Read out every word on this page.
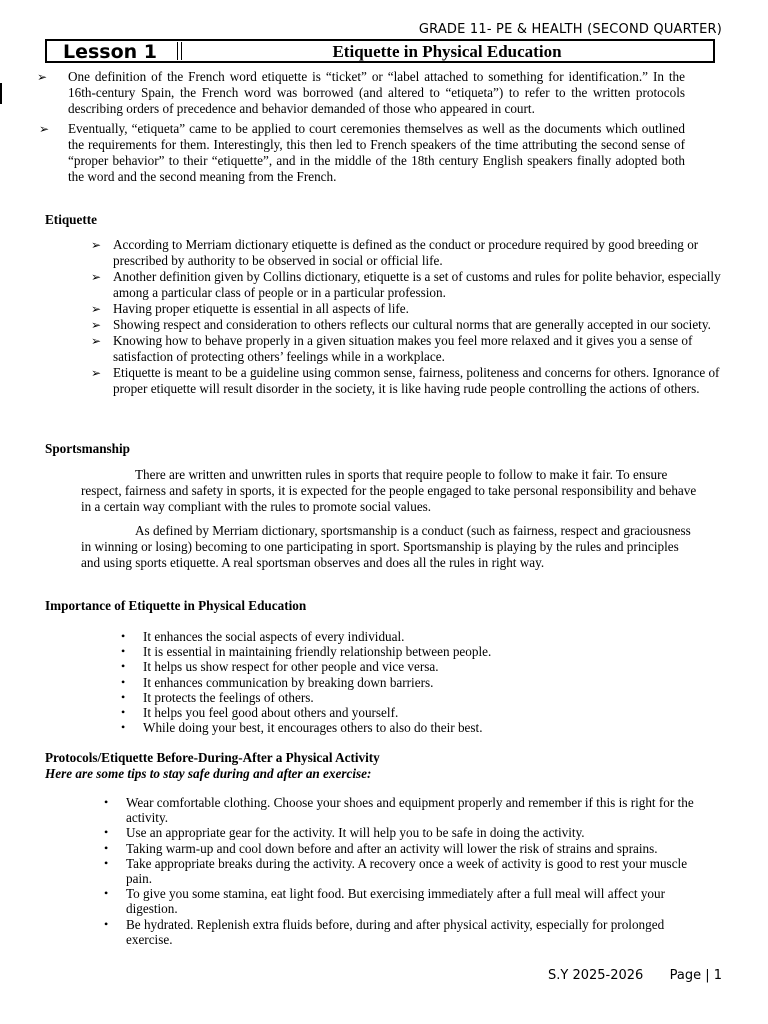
GRADE 11- PE & HEALTH (SECOND QUARTER)
Lesson 1	Etiquette in Physical Education
➢ One definition of the French word etiquette is “ticket” or “label attached to something for identification.” In the 16th-century Spain, the French word was borrowed (and altered to “etiqueta”) to refer to the written protocols describing orders of precedence and behavior demanded of those who appeared in court.
➢ Eventually, “etiqueta” came to be applied to court ceremonies themselves as well as the documents which outlined the requirements for them. Interestingly, this then led to French speakers of the time attributing the second sense of “proper behavior” to their “etiquette”, and in the middle of the 18th century English speakers finally adopted both the word and the second meaning from the French.
Etiquette
➢ According to Merriam dictionary etiquette is defined as the conduct or procedure required by good breeding or prescribed by authority to be observed in social or official life.
➢ Another definition given by Collins dictionary, etiquette is a set of customs and rules for polite behavior, especially among a particular class of people or in a particular profession.
➢ Having proper etiquette is essential in all aspects of life.
➢ Showing respect and consideration to others reflects our cultural norms that are generally accepted in our society.
➢ Knowing how to behave properly in a given situation makes you feel more relaxed and it gives you a sense of satisfaction of protecting others’ feelings while in a workplace.
➢ Etiquette is meant to be a guideline using common sense, fairness, politeness and concerns for others. Ignorance of proper etiquette will result disorder in the society, it is like having rude people controlling the actions of others.
Sportsmanship

There are written and unwritten rules in sports that require people to follow to make it fair. To ensure respect, fairness and safety in sports, it is expected for the people engaged to take personal responsibility and behave in a certain way compliant with the rules to promote social values.

As defined by Merriam dictionary, sportsmanship is a conduct (such as fairness, respect and graciousness in winning or losing) becoming to one participating in sport. Sportsmanship is playing by the rules and principles and using sports etiquette. A real sportsman observes and does all the rules in right way.

Importance of Etiquette in Physical Education
• It enhances the social aspects of every individual.
• It is essential in maintaining friendly relationship between people.
• It helps us show respect for other people and vice versa.
• It enhances communication by breaking down barriers.
• It protects the feelings of others.
• It helps you feel good about others and yourself.
• While doing your best, it encourages others to also do their best.
Protocols/Etiquette Before-During-After a Physical Activity
Here are some tips to stay safe during and after an exercise:
• Wear comfortable clothing. Choose your shoes and equipment properly and remember if this is right for the activity.
• Use an appropriate gear for the activity. It will help you to be safe in doing the activity.
• Taking warm-up and cool down before and after an activity will lower the risk of strains and sprains.
• Take appropriate breaks during the activity. A recovery once a week of activity is good to rest your muscle pain.
• To give you some stamina, eat light food. But exercising immediately after a full meal will affect your digestion.
• Be hydrated. Replenish extra fluids before, during and after physical activity, especially for prolonged exercise.
S.Y 2025-2026 Page | 1
